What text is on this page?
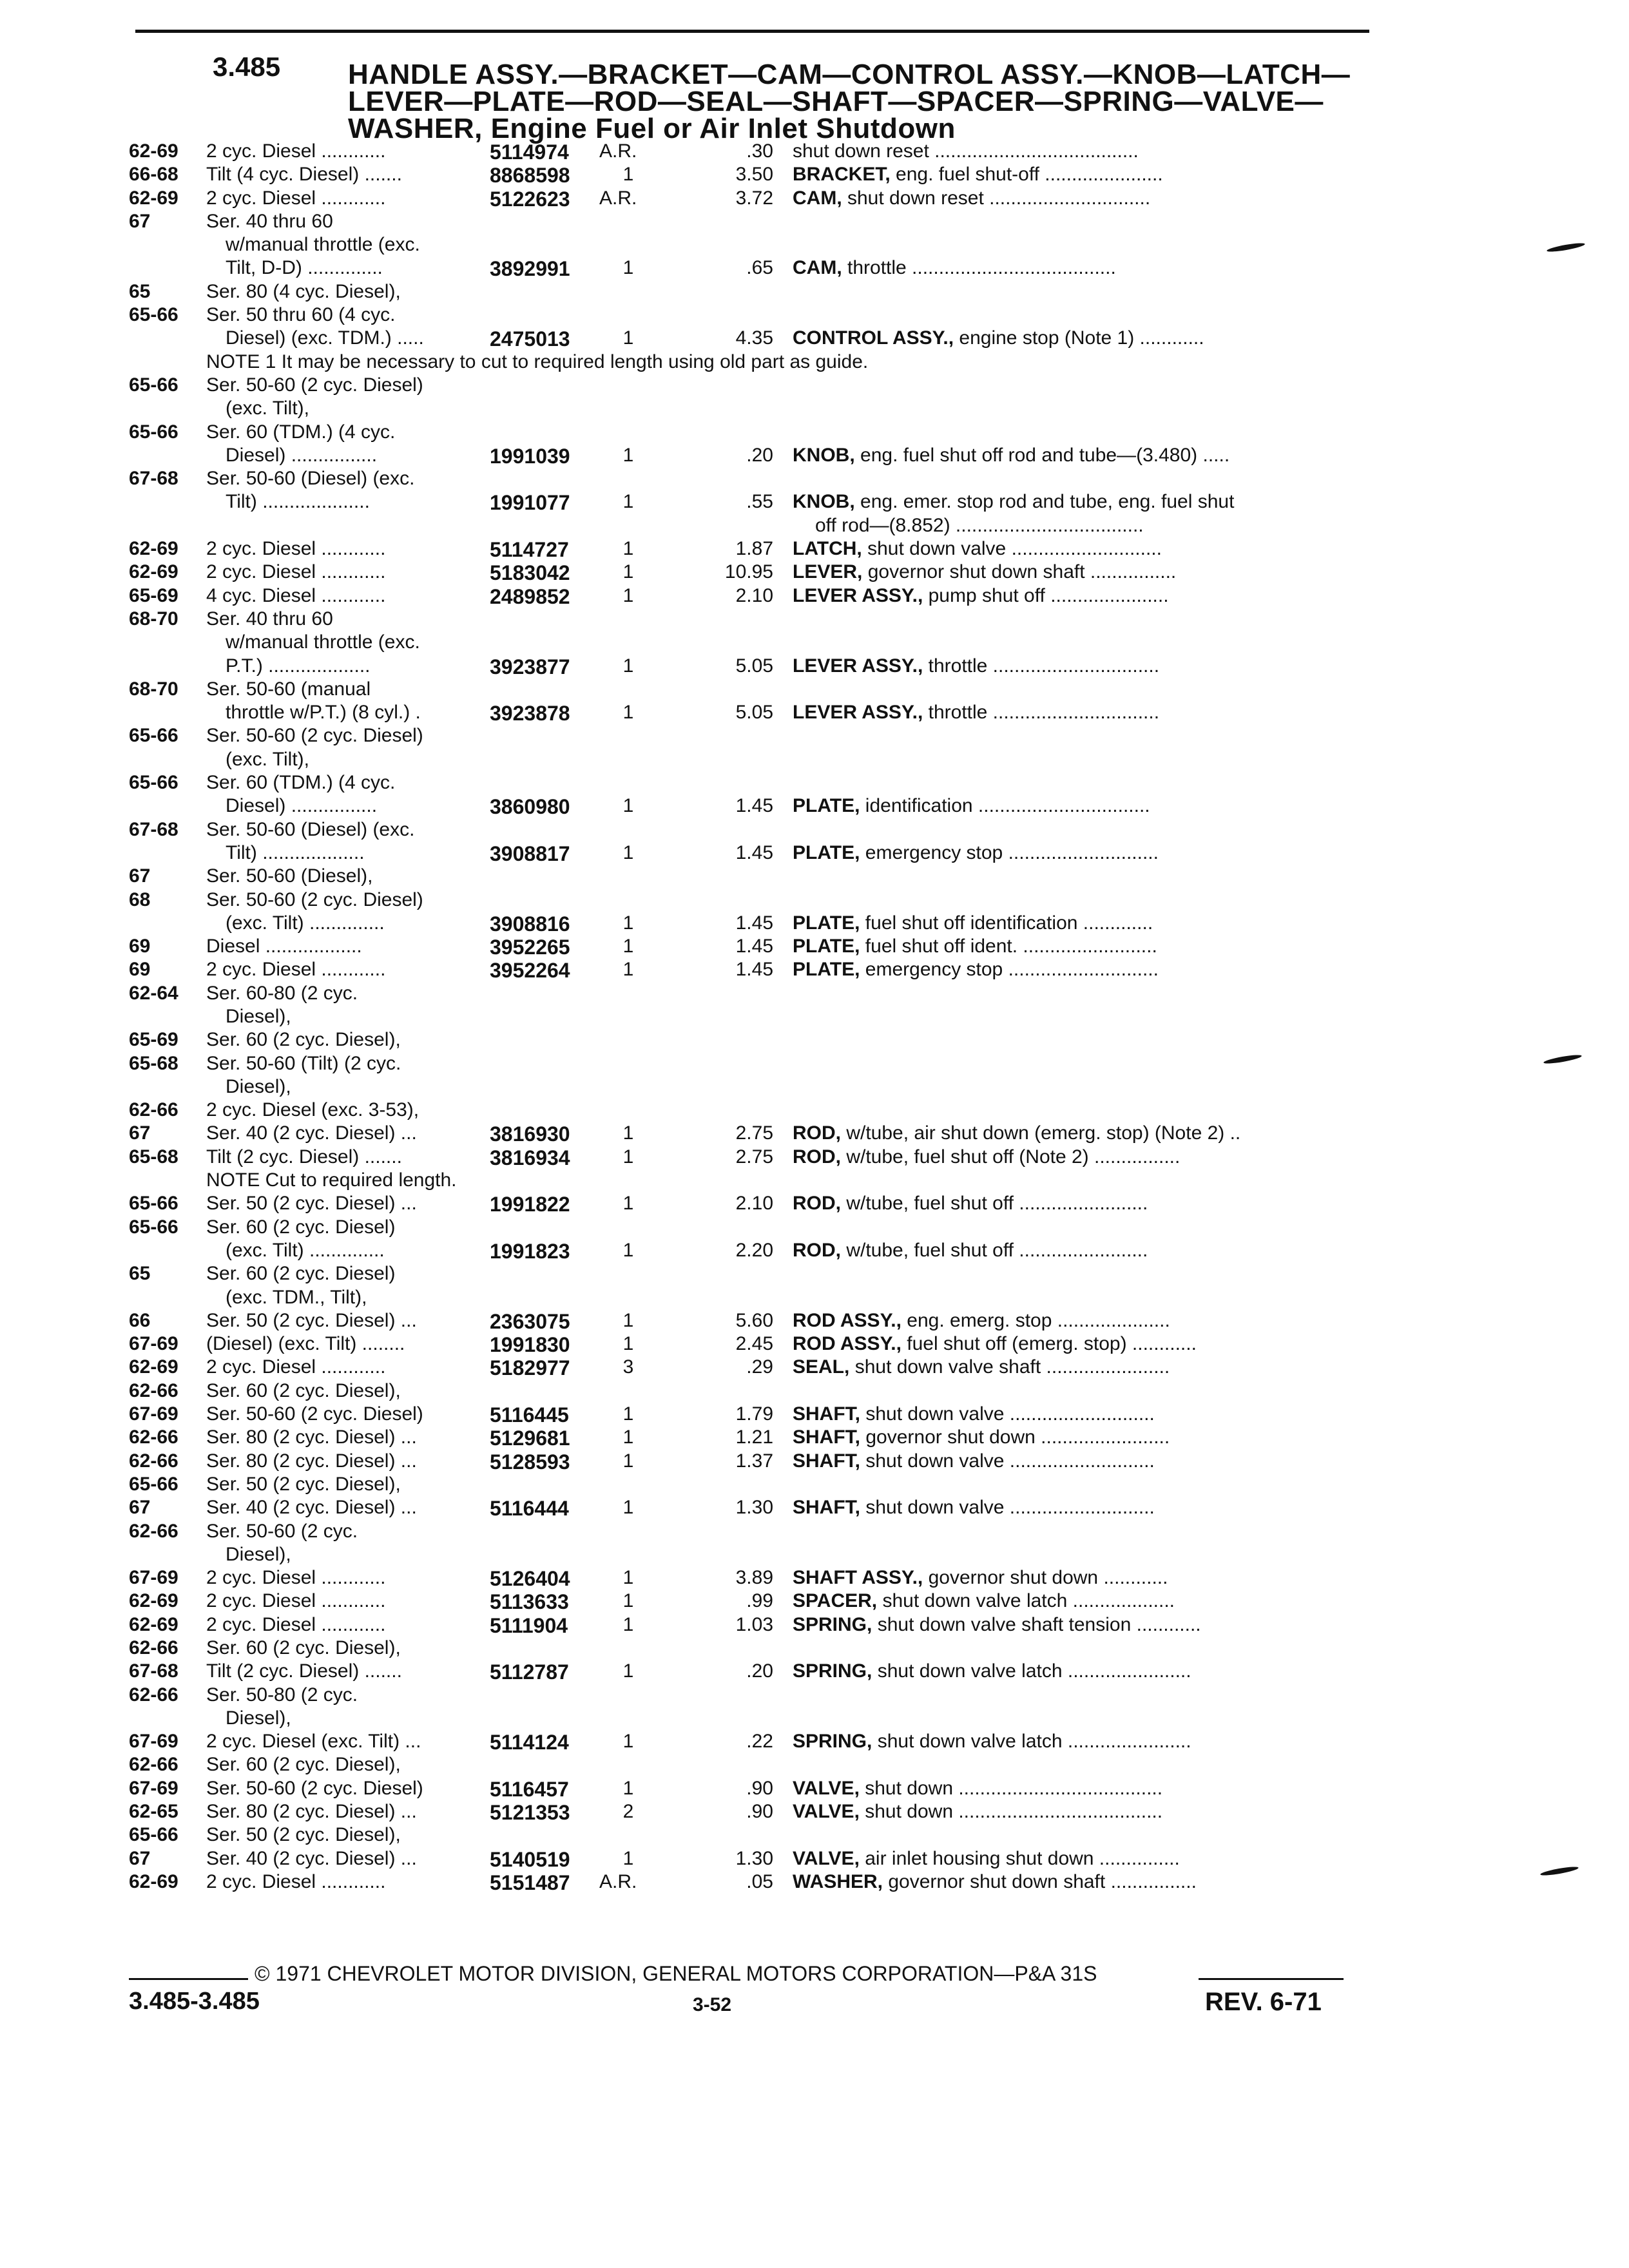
3.485 HANDLE ASSY.—BRACKET—CAM—CONTROL ASSY.—KNOB—LATCH—
LEVER—PLATE—ROD—SEAL—SHAFT—SPACER—SPRING—VALVE—
WASHER, Engine Fuel or Air Inlet Shutdown
62-69 2 cyc. Diesel ............	5114974 A.R.	.30 shut down reset ......................................
66-68 Tilt (4 cyc. Diesel) .......	8868598	1	3.50 BRACKET, eng. fuel shut-off ......................
62-69 2 cyc. Diesel ............	5122623 A.R.	3.72 CAM, shut down reset ..............................
67	Ser. 40 thru 60
w/manual throttle (exc.
Tilt, D-D) ..............	3892991	1	.65 CAM, throttle ......................................
65	Ser. 80 (4 cyc. Diesel),
65-66 Ser. 50 thru 60 (4 cyc.
Diesel) (exc. TDM.) .....	2475013	1	4.35 CONTROL ASSY., engine stop (Note 1) ............
NOTE 1 It may be necessary to cut to required length using old part as guide.
65-66 Ser. 50-60 (2 cyc. Diesel)
(exc. Tilt),
65-66 Ser. 60 (TDM.) (4 cyc.
Diesel) ................	1991039	1	.20 KNOB, eng. fuel shut off rod and tube—(3.480) .....
67-68 Ser. 50-60 (Diesel) (exc.
Tilt) ....................	1991077	1	.55 KNOB, eng. emer. stop rod and tube, eng. fuel shut
off rod—(8.852) ...................................
62-69 2 cyc. Diesel ............	5114727	1	1.87 LATCH, shut down valve ............................
62-69 2 cyc. Diesel ............	5183042	1	10.95 LEVER, governor shut down shaft ................
65-69 4 cyc. Diesel ............	2489852	1	2.10 LEVER ASSY., pump shut off ......................
68-70 Ser. 40 thru 60
w/manual throttle (exc.
P.T.) ...................	3923877	1	5.05 LEVER ASSY., throttle ...............................
68-70 Ser. 50-60 (manual
throttle w/P.T.) (8 cyl.) .	3923878	1	5.05 LEVER ASSY., throttle ...............................
65-66 Ser. 50-60 (2 cyc. Diesel)
(exc. Tilt),
65-66 Ser. 60 (TDM.) (4 cyc.
Diesel) ................	3860980	1	1.45 PLATE, identification ................................
67-68 Ser. 50-60 (Diesel) (exc.
Tilt) ...................	3908817	1	1.45 PLATE, emergency stop ............................
67	Ser. 50-60 (Diesel),
68	Ser. 50-60 (2 cyc. Diesel)
(exc. Tilt) ..............	3908816	1	1.45 PLATE, fuel shut off identification .............
69	Diesel ..................	3952265	1	1.45 PLATE, fuel shut off ident. .........................
69	2 cyc. Diesel ............	3952264	1	1.45 PLATE, emergency stop ............................
62-64 Ser. 60-80 (2 cyc.
Diesel),
65-69 Ser. 60 (2 cyc. Diesel),
65-68 Ser. 50-60 (Tilt) (2 cyc.
Diesel),
62-66 2 cyc. Diesel (exc. 3-53),
67	Ser. 40 (2 cyc. Diesel) ...	3816930	1	2.75 ROD, w/tube, air shut down (emerg. stop) (Note 2) ..
65-68 Tilt (2 cyc. Diesel) .......	3816934	1	2.75 ROD, w/tube, fuel shut off (Note 2) ................
NOTE Cut to required length.
65-66 Ser. 50 (2 cyc. Diesel) ...	1991822	1	2.10 ROD, w/tube, fuel shut off ........................
65-66 Ser. 60 (2 cyc. Diesel)
(exc. Tilt) ..............	1991823	1	2.20 ROD, w/tube, fuel shut off ........................
65	Ser. 60 (2 cyc. Diesel)
(exc. TDM., Tilt),
66	Ser. 50 (2 cyc. Diesel) ...	2363075	1	5.60 ROD ASSY., eng. emerg. stop .....................
67-69 (Diesel) (exc. Tilt) ........	1991830	1	2.45 ROD ASSY., fuel shut off (emerg. stop) ............
62-69 2 cyc. Diesel ............	5182977	3	.29 SEAL, shut down valve shaft .......................
62-66 Ser. 60 (2 cyc. Diesel),
67-69 Ser. 50-60 (2 cyc. Diesel)	5116445	1	1.79 SHAFT, shut down valve ...........................
62-66 Ser. 80 (2 cyc. Diesel) ...	5129681	1	1.21 SHAFT, governor shut down ........................
62-66 Ser. 80 (2 cyc. Diesel) ...	5128593	1	1.37 SHAFT, shut down valve ...........................
65-66 Ser. 50 (2 cyc. Diesel),
67	Ser. 40 (2 cyc. Diesel) ...	5116444	1	1.30 SHAFT, shut down valve ...........................
62-66 Ser. 50-60 (2 cyc.
Diesel),
67-69 2 cyc. Diesel ............	5126404	1	3.89 SHAFT ASSY., governor shut down ............
62-69 2 cyc. Diesel ............	5113633	1	.99 SPACER, shut down valve latch ...................
62-69 2 cyc. Diesel ............	5111904	1	1.03 SPRING, shut down valve shaft tension ............
62-66 Ser. 60 (2 cyc. Diesel),
67-68 Tilt (2 cyc. Diesel) .......	5112787	1	.20 SPRING, shut down valve latch .......................
62-66 Ser. 50-80 (2 cyc.
Diesel),
67-69 2 cyc. Diesel (exc. Tilt) ...	5114124	1	.22 SPRING, shut down valve latch .......................
62-66 Ser. 60 (2 cyc. Diesel),
67-69 Ser. 50-60 (2 cyc. Diesel)	5116457	1	.90 VALVE, shut down ......................................
62-65 Ser. 80 (2 cyc. Diesel) ...	5121353	2	.90 VALVE, shut down ......................................
65-66 Ser. 50 (2 cyc. Diesel),
67	Ser. 40 (2 cyc. Diesel) ...	5140519	1	1.30 VALVE, air inlet housing shut down ...............
62-69 2 cyc. Diesel ............	5151487 A.R.	.05 WASHER, governor shut down shaft ................
© 1971 CHEVROLET MOTOR DIVISION, GENERAL MOTORS CORPORATION—P&A 31S
3.485-3.485	3-52	REV. 6-71
